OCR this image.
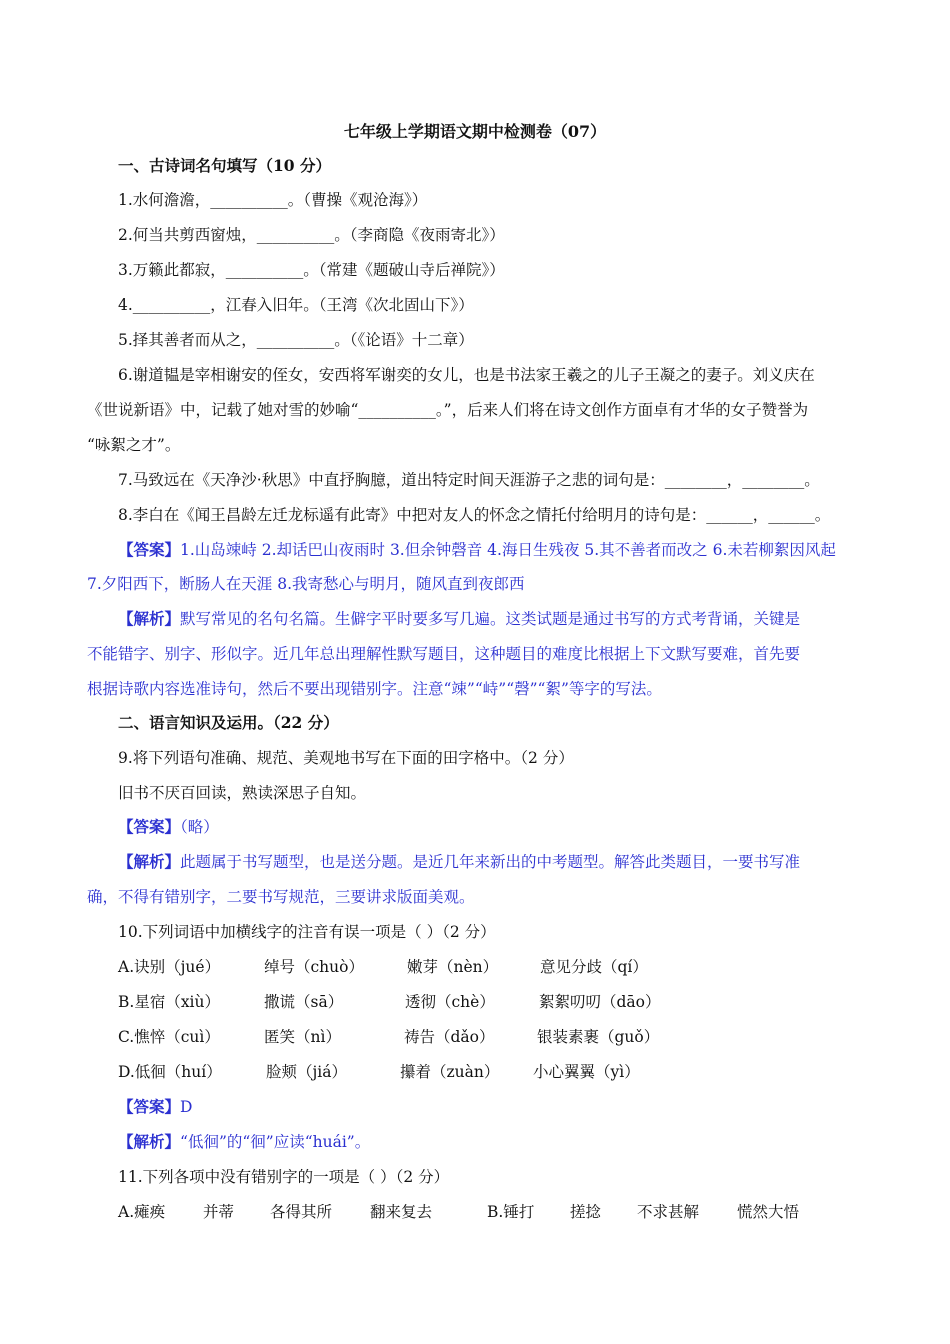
七年级上学期语文期中检测卷（07）
一、古诗词名句填写（10 分）
1.水何澹澹，__________。（曹操《观沧海》）
2.何当共剪西窗烛，__________。（李商隐《夜雨寄北》）
3.万籁此都寂，__________。（常建《题破山寺后禅院》）
4.__________，江春入旧年。（王湾《次北固山下》）
5.择其善者而从之，__________。（《论语》十二章）
6.谢道韫是宰相谢安的侄女，安西将军谢奕的女儿，也是书法家王羲之的儿子王凝之的妻子。刘义庆在
《世说新语》中，记载了她对雪的妙喻“__________。”，后来人们将在诗文创作方面卓有才华的女子赞誉为
“咏絮之才”。
7.马致远在《天净沙·秋思》中直抒胸臆，道出特定时间天涯游子之悲的词句是：________，________。
8.李白在《闻王昌龄左迁龙标遥有此寄》中把对友人的怀念之情托付给明月的诗句是：______，______。
【答案】1.山岛竦峙 2.却话巴山夜雨时 3.但余钟磬音 4.海日生残夜 5.其不善者而改之 6.未若柳絮因风起
7.夕阳西下，断肠人在天涯 8.我寄愁心与明月，随风直到夜郎西
【解析】默写常见的名句名篇。生僻字平时要多写几遍。这类试题是通过书写的方式考背诵，关键是
不能错字、别字、形似字。近几年总出理解性默写题目，这种题目的难度比根据上下文默写要难，首先要
根据诗歌内容选准诗句，然后不要出现错别字。注意“竦”“峙”“磬”“絮”等字的写法。
二、语言知识及运用。（22 分）
9.将下列语句准确、规范、美观地书写在下面的田字格中。（2 分）
旧书不厌百回读，熟读深思子自知。
【答案】（略）
【解析】此题属于书写题型，也是送分题。是近几年来新出的中考题型。解答此类题目，一要书写准
确，不得有错别字，二要书写规范，三要讲求版面美观。
10.下列词语中加横线字的注音有误一项是（ ）（2 分）
A.诀别（jué）	绰号（chuò）	嫩芽（nèn）	意见分歧（qí）
B.星宿（xiù）	撒谎（sā）	透彻（chè）	絮絮叨叨（dāo）
C.憔悴（cuì）	匿笑（nì）	祷告（dǎo）	银装素裹（guǒ）
D.低徊（huí）	脸颊（jiá）	攥着（zuàn） 小心翼翼（yì）
【答案】D
【解析】“低徊”的“徊”应读“huái”。
11.下列各项中没有错别字的一项是（ ）（2 分）
A.瘫痪 并蒂 各得其所 翻来复去	B.锤打 搓捻 不求甚解 慌然大悟
